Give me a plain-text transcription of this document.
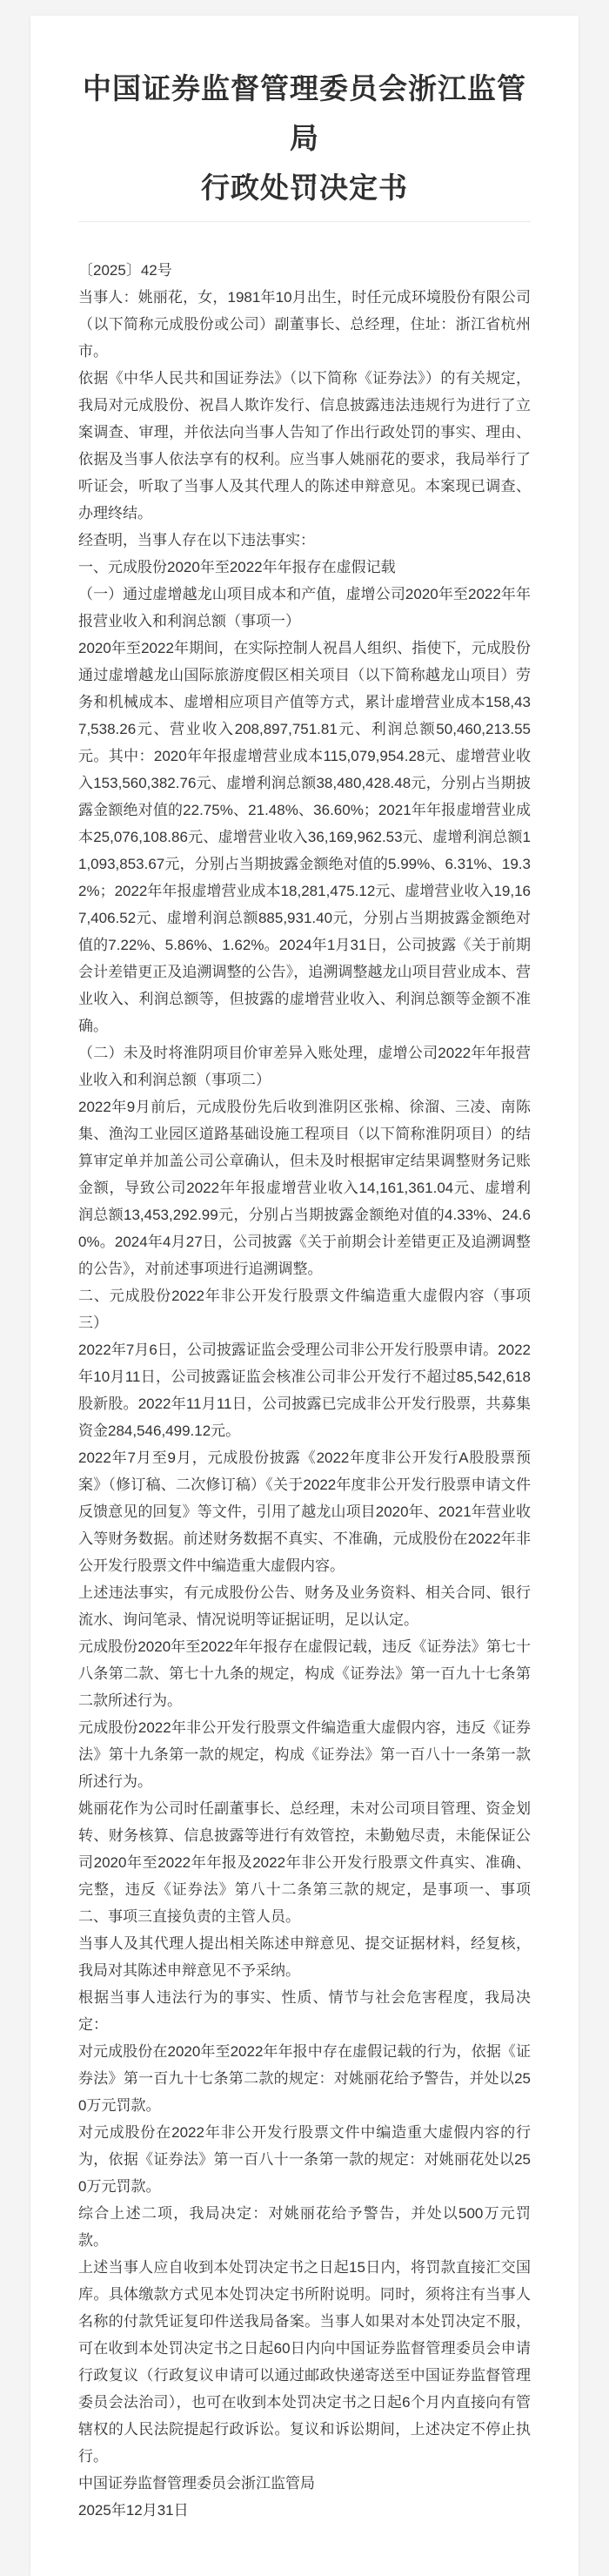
中国证券监督管理委员会浙江监管局
行政处罚决定书

〔2025〕42号

当事人：姚丽花，女，1981年10月出生，时任元成环境股份有限公司（以下简称元成股份或公司）副董事长、总经理，住址：浙江省杭州市。

依据《中华人民共和国证券法》（以下简称《证券法》）的有关规定，我局对元成股份、祝昌人欺诈发行、信息披露违法违规行为进行了立案调查、审理，并依法向当事人告知了作出行政处罚的事实、理由、依据及当事人依法享有的权利。应当事人姚丽花的要求，我局举行了听证会，听取了当事人及其代理人的陈述申辩意见。本案现已调查、办理终结。

经查明，当事人存在以下违法事实：

一、元成股份2020年至2022年年报存在虚假记载

（一）通过虚增越龙山项目成本和产值，虚增公司2020年至2022年年报营业收入和利润总额（事项一）

2020年至2022年期间，在实际控制人祝昌人组织、指使下，元成股份通过虚增越龙山国际旅游度假区相关项目（以下简称越龙山项目）劳务和机械成本、虚增相应项目产值等方式，累计虚增营业成本158,437,538.26元、营业收入208,897,751.81元、利润总额50,460,213.55元。其中：2020年年报虚增营业成本115,079,954.28元、虚增营业收入153,560,382.76元、虚增利润总额38,480,428.48元，分别占当期披露金额绝对值的22.75%、21.48%、36.60%；2021年年报虚增营业成本25,076,108.86元、虚增营业收入36,169,962.53元、虚增利润总额11,093,853.67元，分别占当期披露金额绝对值的5.99%、6.31%、19.32%；2022年年报虚增营业成本18,281,475.12元、虚增营业收入19,167,406.52元、虚增利润总额885,931.40元，分别占当期披露金额绝对值的7.22%、5.86%、1.62%。2024年1月31日，公司披露《关于前期会计差错更正及追溯调整的公告》，追溯调整越龙山项目营业成本、营业收入、利润总额等，但披露的虚增营业收入、利润总额等金额不准确。

（二）未及时将淮阴项目价审差异入账处理，虚增公司2022年年报营业收入和利润总额（事项二）

2022年9月前后，元成股份先后收到淮阴区张棉、徐溜、三凌、南陈集、渔沟工业园区道路基础设施工程项目（以下简称淮阴项目）的结算审定单并加盖公司公章确认，但未及时根据审定结果调整财务记账金额，导致公司2022年年报虚增营业收入14,161,361.04元、虚增利润总额13,453,292.99元，分别占当期披露金额绝对值的4.33%、24.60%。2024年4月27日，公司披露《关于前期会计差错更正及追溯调整的公告》，对前述事项进行追溯调整。

二、元成股份2022年非公开发行股票文件编造重大虚假内容（事项三）

2022年7月6日，公司披露证监会受理公司非公开发行股票申请。2022年10月11日，公司披露证监会核准公司非公开发行不超过85,542,618股新股。2022年11月11日，公司披露已完成非公开发行股票，共募集资金284,546,499.12元。

2022年7月至9月，元成股份披露《2022年度非公开发行A股股票预案》（修订稿、二次修订稿）《关于2022年度非公开发行股票申请文件反馈意见的回复》等文件，引用了越龙山项目2020年、2021年营业收入等财务数据。前述财务数据不真实、不准确，元成股份在2022年非公开发行股票文件中编造重大虚假内容。

上述违法事实，有元成股份公告、财务及业务资料、相关合同、银行流水、询问笔录、情况说明等证据证明，足以认定。

元成股份2020年至2022年年报存在虚假记载，违反《证券法》第七十八条第二款、第七十九条的规定，构成《证券法》第一百九十七条第二款所述行为。

元成股份2022年非公开发行股票文件编造重大虚假内容，违反《证券法》第十九条第一款的规定，构成《证券法》第一百八十一条第一款所述行为。

姚丽花作为公司时任副董事长、总经理，未对公司项目管理、资金划转、财务核算、信息披露等进行有效管控，未勤勉尽责，未能保证公司2020年至2022年年报及2022年非公开发行股票文件真实、准确、完整，违反《证券法》第八十二条第三款的规定，是事项一、事项二、事项三直接负责的主管人员。

当事人及其代理人提出相关陈述申辩意见、提交证据材料，经复核，我局对其陈述申辩意见不予采纳。

根据当事人违法行为的事实、性质、情节与社会危害程度，我局决定：

对元成股份在2020年至2022年年报中存在虚假记载的行为，依据《证券法》第一百九十七条第二款的规定：对姚丽花给予警告，并处以250万元罚款。

对元成股份在2022年非公开发行股票文件中编造重大虚假内容的行为，依据《证券法》第一百八十一条第一款的规定：对姚丽花处以250万元罚款。

综合上述二项，我局决定：对姚丽花给予警告，并处以500万元罚款。

上述当事人应自收到本处罚决定书之日起15日内，将罚款直接汇交国库。具体缴款方式见本处罚决定书所附说明。同时，须将注有当事人名称的付款凭证复印件送我局备案。当事人如果对本处罚决定不服，可在收到本处罚决定书之日起60日内向中国证券监督管理委员会申请行政复议（行政复议申请可以通过邮政快递寄送至中国证券监督管理委员会法治司），也可在收到本处罚决定书之日起6个月内直接向有管辖权的人民法院提起行政诉讼。复议和诉讼期间，上述决定不停止执行。

中国证券监督管理委员会浙江监管局

2025年12月31日
